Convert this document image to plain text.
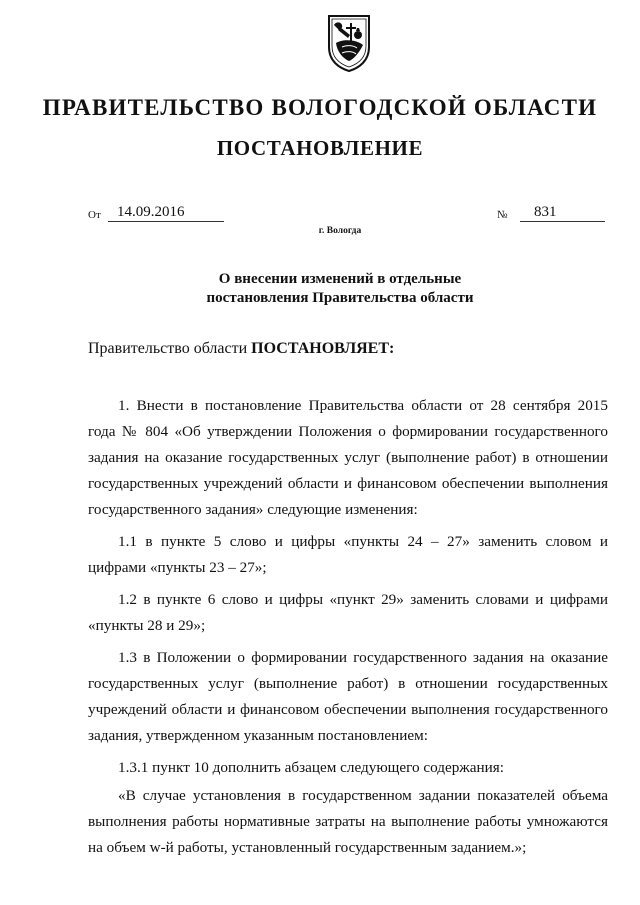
ПРАВИТЕЛЬСТВО ВОЛОГОДСКОЙ ОБЛАСТИ
ПОСТАНОВЛЕНИЕ
От	14.09.2016	№	831
г. Вологда
О внесении изменений в отдельные
постановления Правительства области
Правительство области ПОСТАНОВЛЯЕТ:

1. Внести в постановление Правительства области от 28 сентября 2015 года № 804 «Об утверждении Положения о формировании государственного задания на оказание государственных услуг (выполнение работ) в отношении государственных учреждений области и финансовом обеспечении выполнения государственного задания» следующие изменения:

1.1 в пункте 5 слово и цифры «пункты 24 – 27» заменить словом и цифрами «пункты 23 – 27»;

1.2 в пункте 6 слово и цифры «пункт 29» заменить словами и цифрами «пункты 28 и 29»;

1.3 в Положении о формировании государственного задания на оказание государственных услуг (выполнение работ) в отношении государственных учреждений области и финансовом обеспечении выполнения государственного задания, утвержденном указанным постановлением:

1.3.1 пункт 10 дополнить абзацем следующего содержания:

«В случае установления в государственном задании показателей объема выполнения работы нормативные затраты на выполнение работы умножаются на объем w-й работы, установленный государственным заданием.»;
